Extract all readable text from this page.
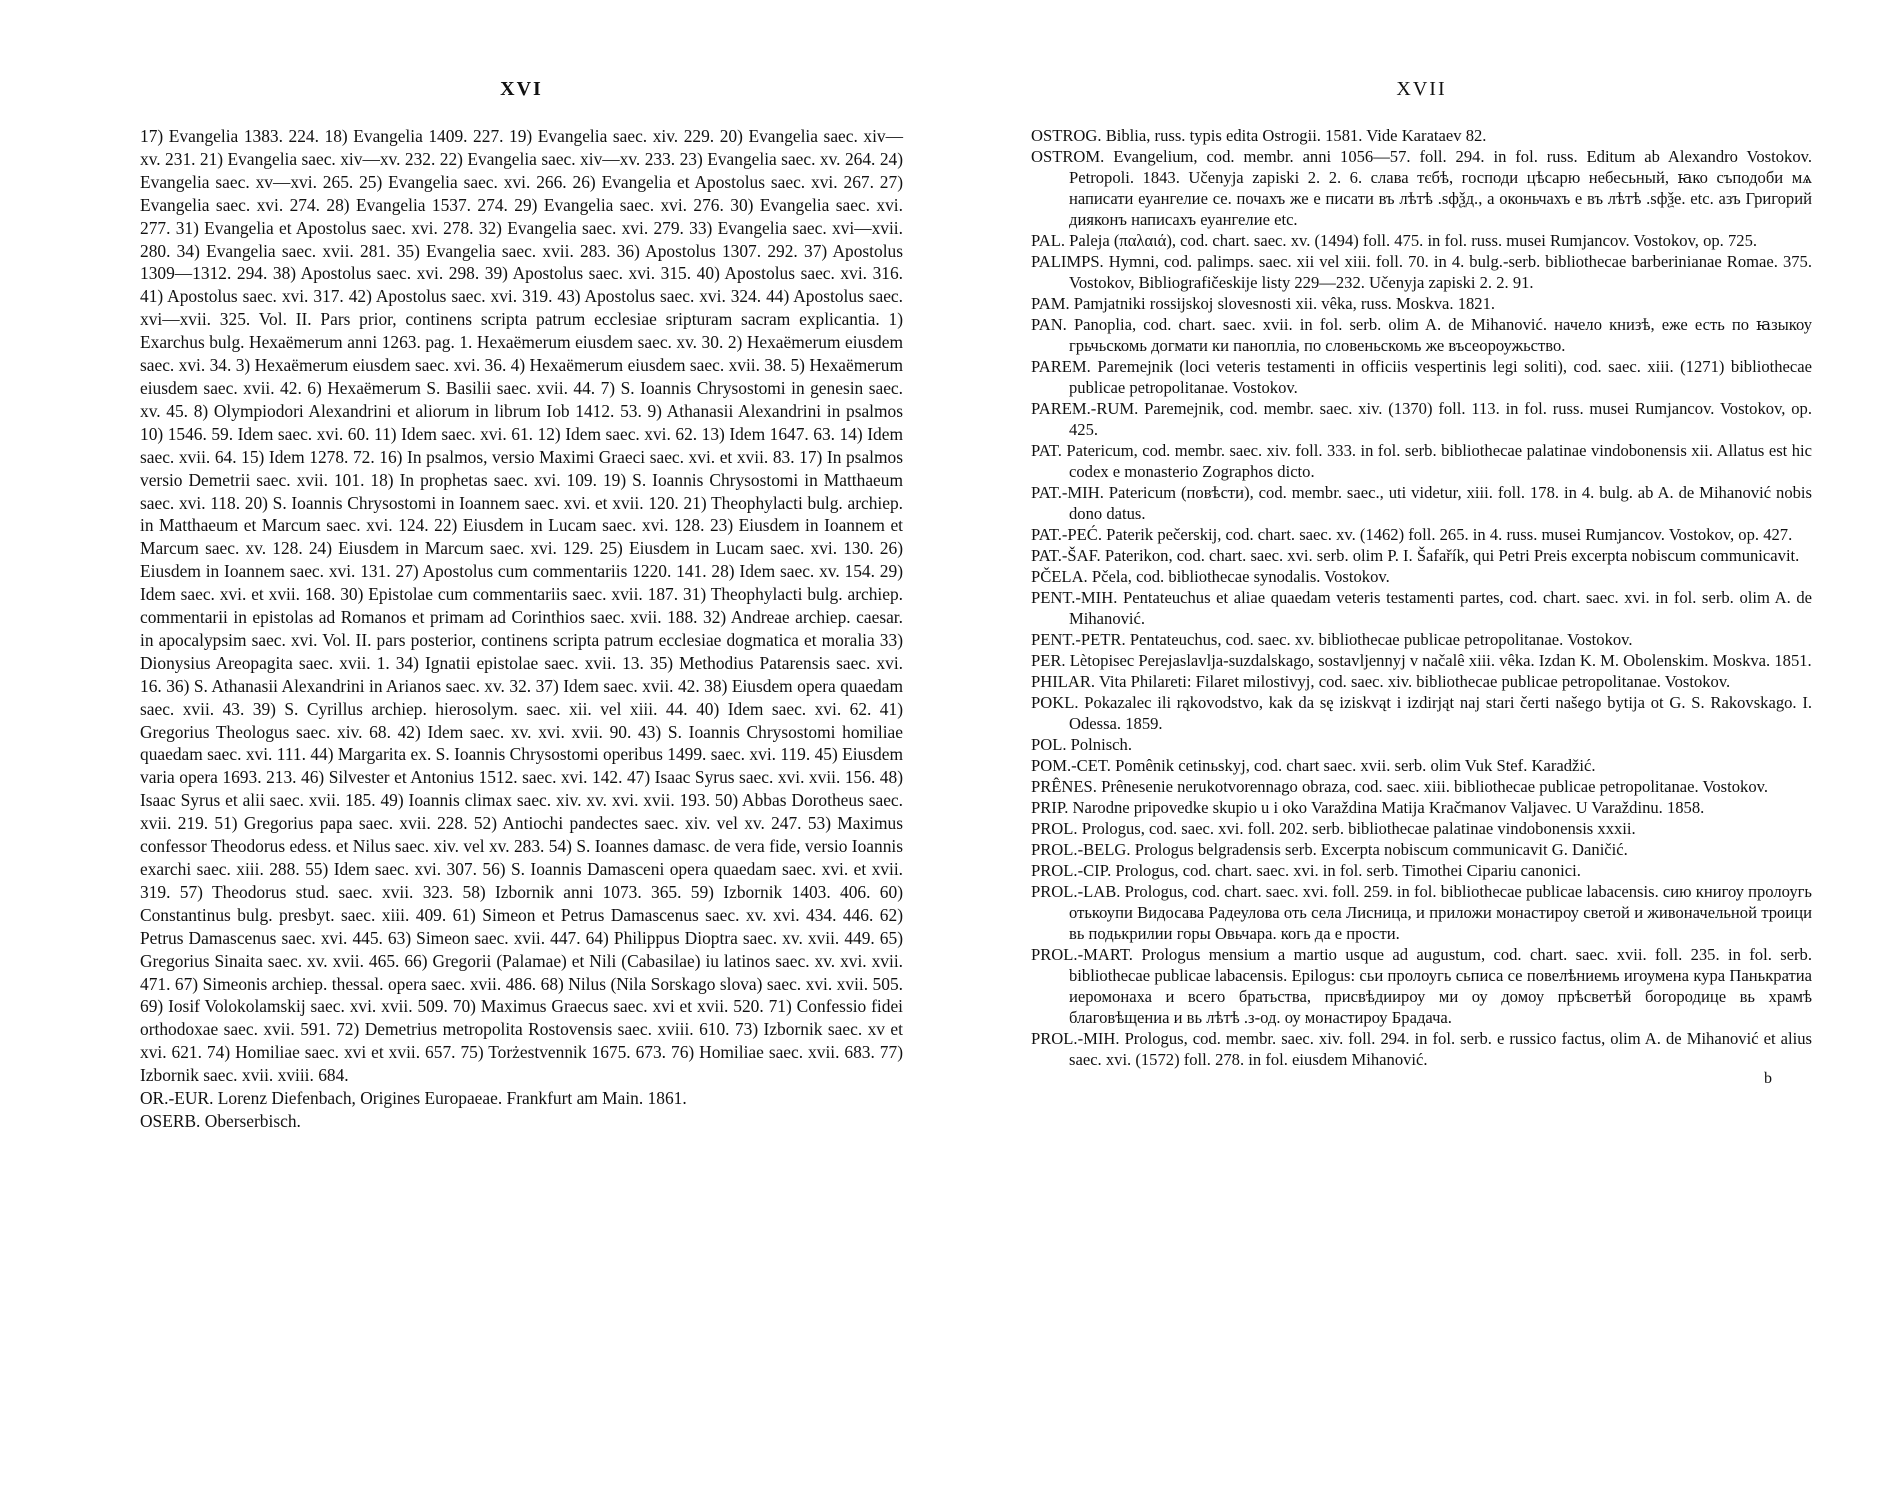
XVI

17) Evangelia 1383. 224. 18) Evangelia 1409. 227. 19) Evangelia saec. xiv. 229. 20) Evangelia saec. xiv—xv. 231. 21) Evangelia saec. xiv—xv. 232. 22) Evangelia saec. xiv—xv. 233. 23) Evangelia saec. xv. 264. 24) Evangelia saec. xv—xvi. 265. 25) Evangelia saec. xvi. 266. 26) Evangelia et Apostolus saec. xvi. 267. 27) Evangelia saec. xvi. 274. 28) Evangelia 1537. 274. 29) Evangelia saec. xvi. 276. 30) Evangelia saec. xvi. 277. 31) Evangelia et Apostolus saec. xvi. 278. 32) Evangelia saec. xvi. 279. 33) Evangelia saec. xvi—xvii. 280. 34) Evangelia saec. xvii. 281. 35) Evangelia saec. xvii. 283. 36) Apostolus 1307. 292. 37) Apostolus 1309—1312. 294. 38) Apostolus saec. xvi. 298. 39) Apostolus saec. xvi. 315. 40) Apostolus saec. xvi. 316. 41) Apostolus saec. xvi. 317. 42) Apostolus saec. xvi. 319. 43) Apostolus saec. xvi. 324. 44) Apostolus saec. xvi—xvii. 325. Vol. II. Pars prior, continens scripta patrum ecclesiae sripturam sacram explicantia. 1) Exarchus bulg. Hexaëmerum anni 1263. pag. 1. Hexaëmerum eiusdem saec. xv. 30. 2) Hexaëmerum eiusdem saec. xvi. 34. 3) Hexaëmerum eiusdem saec. xvi. 36. 4) Hexaëmerum eiusdem saec. xvii. 38. 5) Hexaëmerum eiusdem saec. xvii. 42. 6) Hexaëmerum S. Basilii saec. xvii. 44. 7) S. Ioannis Chrysostomi in genesin saec. xv. 45. 8) Olympiodori Alexandrini et aliorum in librum Iob 1412. 53. 9) Athanasii Alexandrini in psalmos 10) 1546. 59. Idem saec. xvi. 60. 11) Idem saec. xvi. 61. 12) Idem saec. xvi. 62. 13) Idem 1647. 63. 14) Idem saec. xvii. 64. 15) Idem 1278. 72. 16) In psalmos, versio Maximi Graeci saec. xvi. et xvii. 83. 17) In psalmos versio Demetrii saec. xvii. 101. 18) In prophetas saec. xvi. 109. 19) S. Ioannis Chrysostomi in Matthaeum saec. xvi. 118. 20) S. Ioannis Chrysostomi in Ioannem saec. xvi. et xvii. 120. 21) Theophylacti bulg. archiep. in Matthaeum et Marcum saec. xvi. 124. 22) Eiusdem in Lucam saec. xvi. 128. 23) Eiusdem in Ioannem et Marcum saec. xv. 128. 24) Eiusdem in Marcum saec. xvi. 129. 25) Eiusdem in Lucam saec. xvi. 130. 26) Eiusdem in Ioannem saec. xvi. 131. 27) Apostolus cum commentariis 1220. 141. 28) Idem saec. xv. 154. 29) Idem saec. xvi. et xvii. 168. 30) Epistolae cum commentariis saec. xvii. 187. 31) Theophylacti bulg. archiep. commentarii in epistolas ad Romanos et primam ad Corinthios saec. xvii. 188. 32) Andreae archiep. caesar. in apocalypsim saec. xvi. Vol. II. pars posterior, continens scripta patrum ecclesiae dogmatica et moralia 33) Dionysius Areopagita saec. xvii. 1. 34) Ignatii epistolae saec. xvii. 13. 35) Methodius Patarensis saec. xvi. 16. 36) S. Athanasii Alexandrini in Arianos saec. xv. 32. 37) Idem saec. xvii. 42. 38) Eiusdem opera quaedam saec. xvii. 43. 39) S. Cyrillus archiep. hierosolym. saec. xii. vel xiii. 44. 40) Idem saec. xvi. 62. 41) Gregorius Theologus saec. xiv. 68. 42) Idem saec. xv. xvi. xvii. 90. 43) S. Ioannis Chrysostomi homiliae quaedam saec. xvi. 111. 44) Margarita ex. S. Ioannis Chrysostomi operibus 1499. saec. xvi. 119. 45) Eiusdem varia opera 1693. 213. 46) Silvester et Antonius 1512. saec. xvi. 142. 47) Isaac Syrus saec. xvi. xvii. 156. 48) Isaac Syrus et alii saec. xvii. 185. 49) Ioannis climax saec. xiv. xv. xvi. xvii. 193. 50) Abbas Dorotheus saec. xvii. 219. 51) Gregorius papa saec. xvii. 228. 52) Antiochi pandectes saec. xiv. vel xv. 247. 53) Maximus confessor Theodorus edess. et Nilus saec. xiv. vel xv. 283. 54) S. Ioannes damasc. de vera fide, versio Ioannis exarchi saec. xiii. 288. 55) Idem saec. xvi. 307. 56) S. Ioannis Damasceni opera quaedam saec. xvi. et xvii. 319. 57) Theodorus stud. saec. xvii. 323. 58) Izbornik anni 1073. 365. 59) Izbornik 1403. 406. 60) Constantinus bulg. presbyt. saec. xiii. 409. 61) Simeon et Petrus Damascenus saec. xv. xvi. 434. 446. 62) Petrus Damascenus saec. xvi. 445. 63) Simeon saec. xvii. 447. 64) Philippus Dioptra saec. xv. xvii. 449. 65) Gregorius Sinaita saec. xv. xvii. 465. 66) Gregorii (Palamae) et Nili (Cabasilae) iu latinos saec. xv. xvi. xvii. 471. 67) Simeonis archiep. thessal. opera saec. xvii. 486. 68) Nilus (Nila Sorskago slova) saec. xvi. xvii. 505. 69) Iosif Volokolamskij saec. xvi. xvii. 509. 70) Maximus Graecus saec. xvi et xvii. 520. 71) Confessio fidei orthodoxae saec. xvii. 591. 72) Demetrius metropolita Rostovensis saec. xviii. 610. 73) Izbornik saec. xv et xvi. 621. 74) Homiliae saec. xvi et xvii. 657. 75) Torżestvennik 1675. 673. 76) Homiliae saec. xvii. 683. 77) Izbornik saec. xvii. xviii. 684.

OR.-EUR. Lorenz Diefenbach, Origines Europaeae. Frankfurt am Main. 1861.

OSERB. Oberserbisch.

XVII

OSTROG. Biblia, russ. typis edita Ostrogii. 1581. Vide Karataev 82.

OSTROM. Evangelium, cod. membr. anni 1056—57. foll. 294. in fol. russ. Editum ab Alexandro Vostokov. Petropoli. 1843. Učenyja zapiski 2. 2. 6. слава тєбѣ, господи цѣсарю небесьный, ꙗко съподоби мѧ написати еуангелие се. почахъ же е писати въ лѣтѣ .ѕфѯд., а оконьчахъ е въ лѣтѣ .ѕфѯе. etc. азъ Григорий дияконъ написахъ еуангелие etc.

PAL. Paleja (παλαιά), cod. chart. saec. xv. (1494) foll. 475. in fol. russ. musei Rumjancov. Vostokov, op. 725.

PALIMPS. Hymni, cod. palimps. saec. xii vel xiii. foll. 70. in 4. bulg.-serb. bibliothecae barberinianae Romae. 375. Vostokov, Bibliografičeskije listy 229—232. Učenyja zapiski 2. 2. 91.

PAM. Pamjatniki rossijskoj slovesnosti xii. vêka, russ. Moskva. 1821.

PAN. Panoplia, cod. chart. saec. xvii. in fol. serb. olim A. de Mihanović. начело книзѣ, еже есть по ꙗзыкоу грьчьскомь догмати ки панопліа, по словеньскомь же въсеороужьство.

PAREM. Paremejnik (loci veteris testamenti in officiis vespertinis legi soliti), cod. saec. xiii. (1271) bibliothecae publicae petropolitanae. Vostokov.

PAREM.-RUM. Paremejnik, cod. membr. saec. xiv. (1370) foll. 113. in fol. russ. musei Rumjancov. Vostokov, op. 425.

PAT. Patericum, cod. membr. saec. xiv. foll. 333. in fol. serb. bibliothecae palatinae vindobonensis xii. Allatus est hic codex e monasterio Zographos dicto.

PAT.-MIH. Patericum (повѣсти), cod. membr. saec., uti videtur, xiii. foll. 178. in 4. bulg. ab A. de Mihanović nobis dono datus.

PAT.-PEĆ. Paterik pečerskij, cod. chart. saec. xv. (1462) foll. 265. in 4. russ. musei Rumjancov. Vostokov, op. 427.

PAT.-ŠAF. Paterikon, cod. chart. saec. xvi. serb. olim P. I. Šafařík, qui Petri Preis excerpta nobiscum communicavit.

PČELA. Pčela, cod. bibliothecae synodalis. Vostokov.

PENT.-MIH. Pentateuchus et aliae quaedam veteris testamenti partes, cod. chart. saec. xvi. in fol. serb. olim A. de Mihanović.

PENT.-PETR. Pentateuchus, cod. saec. xv. bibliothecae publicae petropolitanae. Vostokov.

PER. Lètopisec Perejaslavlja-suzdalskago, sostavljennyj v načalê xiii. vêka. Izdan K. M. Obolenskim. Moskva. 1851.

PHILAR. Vita Philareti: Filaret milostivyj, cod. saec. xiv. bibliothecae publicae petropolitanae. Vostokov.

POKL. Pokazalec ili rąkovodstvo, kak da sę iziskvąt i izdirjąt naj stari čerti našego bytija ot G. S. Rakovskago. I. Odessa. 1859.

POL. Polnisch.

POM.-CET. Pomênik cetinьskyj, cod. chart saec. xvii. serb. olim Vuk Stef. Karadžić.

PRÊNES. Prênesenie nerukotvorennago obraza, cod. saec. xiii. bibliothecae publicae petropolitanae. Vostokov.

PRIP. Narodne pripovedke skupio u i oko Varaždina Matija Kračmanov Valjavec. U Varaždinu. 1858.

PROL. Prologus, cod. saec. xvi. foll. 202. serb. bibliothecae palatinae vindobonensis xxxii.

PROL.-BELG. Prologus belgradensis serb. Excerpta nobiscum communicavit G. Daničić.

PROL.-CIP. Prologus, cod. chart. saec. xvi. in fol. serb. Timothei Cipariu canonici.

PROL.-LAB. Prologus, cod. chart. saec. xvi. foll. 259. in fol. bibliothecae publicae labacensis. сию книгоу пролоугь отькоупи Видосава Радеулова оть села Лисница, и приложи монастироу светой и живоначельной троици вь подькрилии горы Овьчара. когь да е прости.

PROL.-MART. Prologus mensium a martio usque ad augustum, cod. chart. saec. xvii. foll. 235. in fol. serb. bibliothecae publicae labacensis. Epilogus: сьи пролоугь сьписа се повелѣниемь игоумена кура Панькратиа иеромонаха и всего братьства, присвѣдиироу ми оу домоу прѣсветѣй богородице вь храмѣ благовѣщениа и вь лѣтѣ .з-од. оу монастироу Брадача.

PROL.-MIH. Prologus, cod. membr. saec. xiv. foll. 294. in fol. serb. e russico factus, olim A. de Mihanović et alius saec. xvi. (1572) foll. 278. in fol. eiusdem Mihanović.

b
